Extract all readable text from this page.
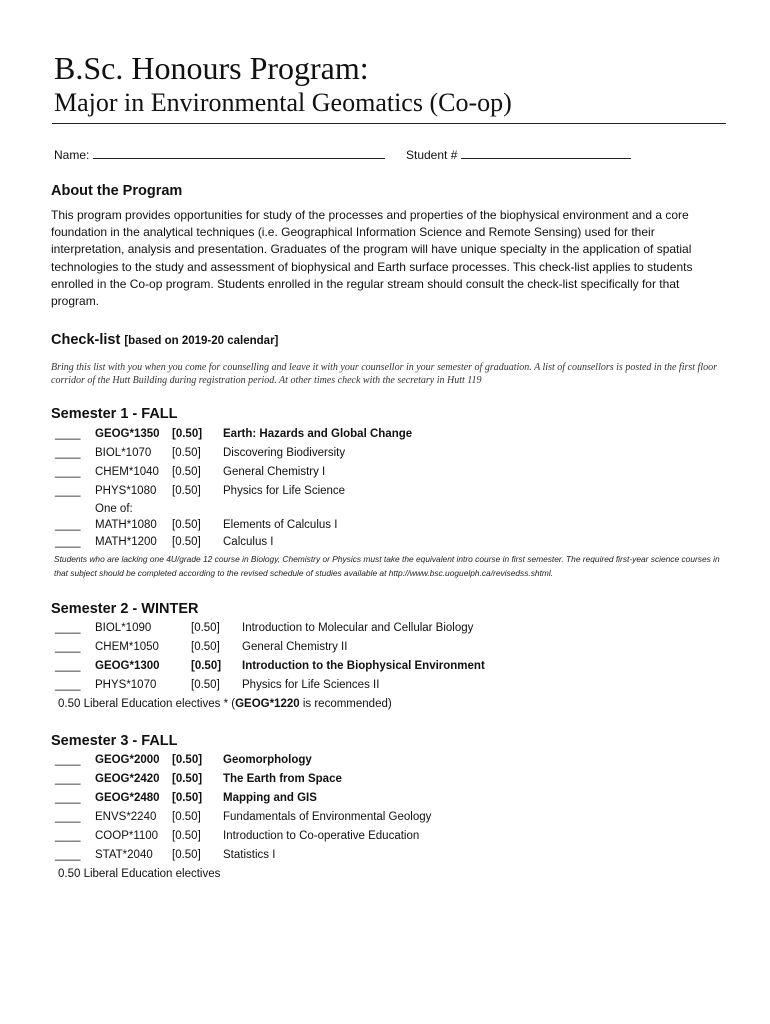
B.Sc. Honours Program:
Major in Environmental Geomatics (Co-op)
Name:	Student #
About the Program
This program provides opportunities for study of the processes and properties of the biophysical environment and a core foundation in the analytical techniques (i.e. Geographical Information Science and Remote Sensing) used for their interpretation, analysis and presentation. Graduates of the program will have unique specialty in the application of spatial technologies to the study and assessment of biophysical and Earth surface processes. This check-list applies to students enrolled in the Co-op program. Students enrolled in the regular stream should consult the check-list specifically for that program.
Check-list [based on 2019-20 calendar]
Bring this list with you when you come for counselling and leave it with your counsellor in your semester of graduation. A list of counsellors is posted in the first floor corridor of the Hutt Building during registration period. At other times check with the secretary in Hutt 119
Semester 1 - FALL
____ GEOG*1350 [0.50] Earth: Hazards and Global Change
____ BIOL*1070 [0.50] Discovering Biodiversity
____ CHEM*1040 [0.50] General Chemistry I
____ PHYS*1080 [0.50] Physics for Life Science
One of:
____ MATH*1080 [0.50] Elements of Calculus I
____ MATH*1200 [0.50] Calculus I
Students who are lacking one 4U/grade 12 course in Biology, Chemistry or Physics must take the equivalent intro course in first semester. The required first-year science courses in that subject should be completed according to the revised schedule of studies available at http://www.bsc.uoguelph.ca/revisedss.shtml.
Semester 2 - WINTER
____ BIOL*1090	[0.50] Introduction to Molecular and Cellular Biology
____ CHEM*1050	[0.50] General Chemistry II
____ GEOG*1300	[0.50] Introduction to the Biophysical Environment
____ PHYS*1070	[0.50] Physics for Life Sciences II
0.50 Liberal Education electives * (GEOG*1220 is recommended)
Semester 3 - FALL
____ GEOG*2000 [0.50] Geomorphology
____ GEOG*2420 [0.50] The Earth from Space
____ GEOG*2480 [0.50] Mapping and GIS
____ ENVS*2240 [0.50] Fundamentals of Environmental Geology
____ COOP*1100 [0.50] Introduction to Co-operative Education
____ STAT*2040 [0.50] Statistics I
0.50 Liberal Education electives
